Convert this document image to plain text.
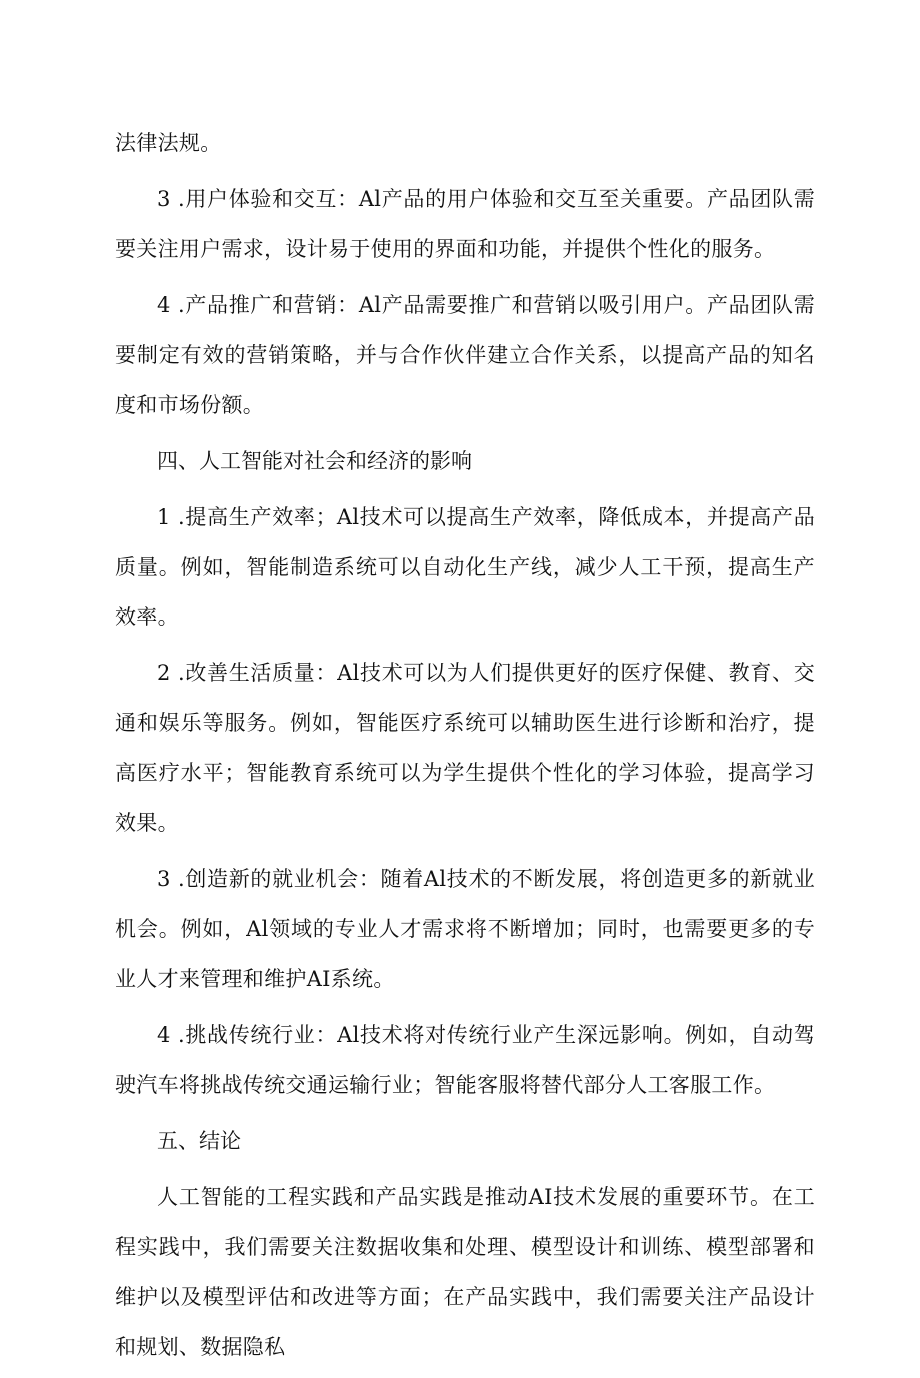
法律法规。

3 .用户体验和交互：Al产品的用户体验和交互至关重要。产品团队需要关注用户需求，设计易于使用的界面和功能，并提供个性化的服务。

4 .产品推广和营销：Al产品需要推广和营销以吸引用户。产品团队需要制定有效的营销策略，并与合作伙伴建立合作关系，以提高产品的知名度和市场份额。

四、人工智能对社会和经济的影响

1 .提高生产效率；Al技术可以提高生产效率，降低成本，并提高产品质量。例如，智能制造系统可以自动化生产线，减少人工干预，提高生产效率。

2 .改善生活质量：Al技术可以为人们提供更好的医疗保健、教育、交通和娱乐等服务。例如，智能医疗系统可以辅助医生进行诊断和治疗，提高医疗水平；智能教育系统可以为学生提供个性化的学习体验，提高学习效果。

3 .创造新的就业机会：随着Al技术的不断发展，将创造更多的新就业机会。例如，Al领域的专业人才需求将不断增加；同时，也需要更多的专业人才来管理和维护AI系统。

4 .挑战传统行业：Al技术将对传统行业产生深远影响。例如，自动驾驶汽车将挑战传统交通运输行业；智能客服将替代部分人工客服工作。

五、结论

人工智能的工程实践和产品实践是推动AI技术发展的重要环节。在工程实践中，我们需要关注数据收集和处理、模型设计和训练、模型部署和维护以及模型评估和改进等方面；在产品实践中，我们需要关注产品设计和规划、数据隐私
